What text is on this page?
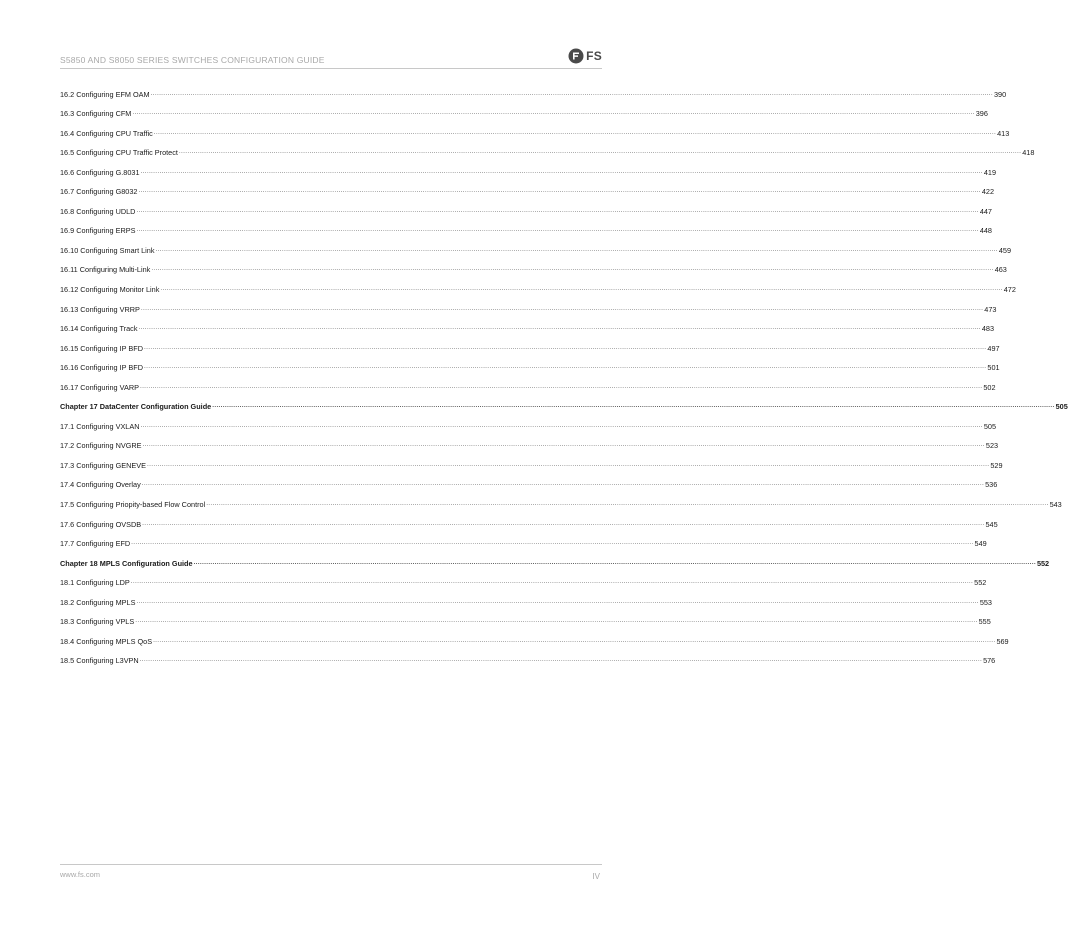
S5850 AND S8050 SERIES SWITCHES CONFIGURATION GUIDE	FS
16.2 Configuring EFM OAM ................................................................................................................................................................................................................................................................................................................................................................................................................ 390
16.3 Configuring CFM ................................................................................................................................................................................................................................................................................................................................................................................................................ 396
16.4 Configuring CPU Traffic ................................................................................................................................................................................................................................................................................................................................................................................................................ 413
16.5 Configuring CPU Traffic Protect ................................................................................................................................................................................................................................................................................................................................................................................................................ 418
16.6 Configuring G.8031 ................................................................................................................................................................................................................................................................................................................................................................................................................ 419
16.7 Configuring G8032 ................................................................................................................................................................................................................................................................................................................................................................................................................ 422
16.8 Configuring UDLD ................................................................................................................................................................................................................................................................................................................................................................................................................ 447
16.9 Configuring ERPS ................................................................................................................................................................................................................................................................................................................................................................................................................ 448
16.10 Configuring Smart Link ................................................................................................................................................................................................................................................................................................................................................................................................................ 459
16.11 Configuring Multi-Link ................................................................................................................................................................................................................................................................................................................................................................................................................ 463
16.12 Configuring Monitor Link ................................................................................................................................................................................................................................................................................................................................................................................................................ 472
16.13 Configuring VRRP ................................................................................................................................................................................................................................................................................................................................................................................................................ 473
16.14 Configuring Track ................................................................................................................................................................................................................................................................................................................................................................................................................ 483
16.15 Configuring IP BFD ................................................................................................................................................................................................................................................................................................................................................................................................................ 497
16.16 Configuring IP BFD ................................................................................................................................................................................................................................................................................................................................................................................................................ 501
16.17 Configuring VARP ................................................................................................................................................................................................................................................................................................................................................................................................................ 502
Chapter 17 DataCenter Configuration Guide ................................................................................................................................................................................................................................................................................................................................................................................................................ 505
17.1 Configuring VXLAN ................................................................................................................................................................................................................................................................................................................................................................................................................ 505
17.2 Configuring NVGRE ................................................................................................................................................................................................................................................................................................................................................................................................................ 523
17.3 Configuring GENEVE ................................................................................................................................................................................................................................................................................................................................................................................................................ 529
17.4 Configuring Overlay ................................................................................................................................................................................................................................................................................................................................................................................................................ 536
17.5 Configuring Priopity-based Flow Control ................................................................................................................................................................................................................................................................................................................................................................................................................ 543
17.6 Configuring OVSDB ................................................................................................................................................................................................................................................................................................................................................................................................................ 545
17.7 Configuring EFD ................................................................................................................................................................................................................................................................................................................................................................................................................ 549
Chapter 18 MPLS Configuration Guide ................................................................................................................................................................................................................................................................................................................................................................................................................ 552
18.1 Configuring LDP ................................................................................................................................................................................................................................................................................................................................................................................................................ 552
18.2 Configuring MPLS ................................................................................................................................................................................................................................................................................................................................................................................................................ 553
18.3 Configuring VPLS ................................................................................................................................................................................................................................................................................................................................................................................................................ 555
18.4 Configuring MPLS QoS ................................................................................................................................................................................................................................................................................................................................................................................................................ 569
18.5 Configuring L3VPN ................................................................................................................................................................................................................................................................................................................................................................................................................ 576
www.fs.com	IV
